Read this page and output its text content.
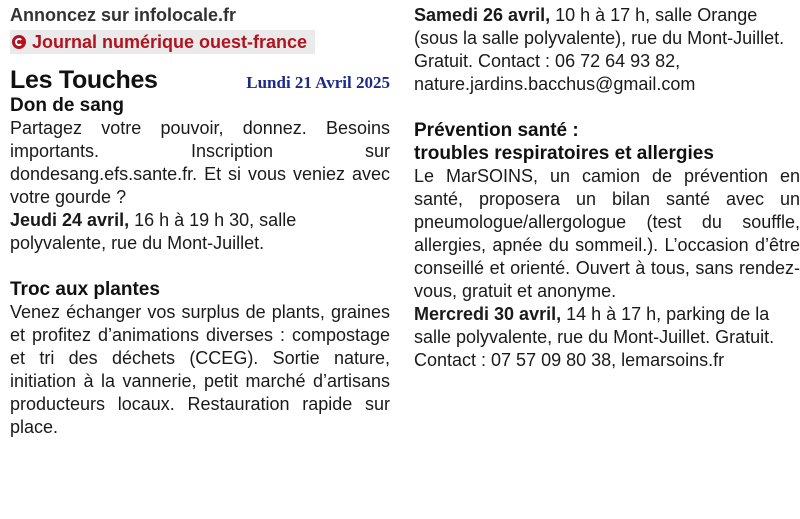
Annoncez sur infolocale.fr
Journal numérique ouest-france
Les Touches	Lundi 21 Avril 2025
Don de sang
Partagez votre pouvoir, donnez. Besoins importants. Inscription sur dondesang.efs.sante.fr. Et si vous veniez avec votre gourde ?
Jeudi 24 avril, 16 h à 19 h 30, salle polyvalente, rue du Mont-Juillet.
Troc aux plantes
Venez échanger vos surplus de plants, graines et profitez d’animations diverses : compostage et tri des déchets (CCEG). Sortie nature, initiation à la vannerie, petit marché d’artisans producteurs locaux. Restauration rapide sur place.
Samedi 26 avril, 10 h à 17 h, salle Orange (sous la salle polyvalente), rue du Mont-Juillet. Gratuit. Contact : 06 72 64 93 82, nature.jardins.bacchus@gmail.com
Prévention santé :
troubles respiratoires et allergies
Le MarSOINS, un camion de prévention en santé, proposera un bilan santé avec un pneumologue/allergologue (test du souffle, allergies, apnée du sommeil.). L’occasion d’être conseillé et orienté. Ouvert à tous, sans rendez-vous, gratuit et anonyme.
Mercredi 30 avril, 14 h à 17 h, parking de la salle polyvalente, rue du Mont-Juillet. Gratuit. Contact : 07 57 09 80 38, lemarsoins.fr
